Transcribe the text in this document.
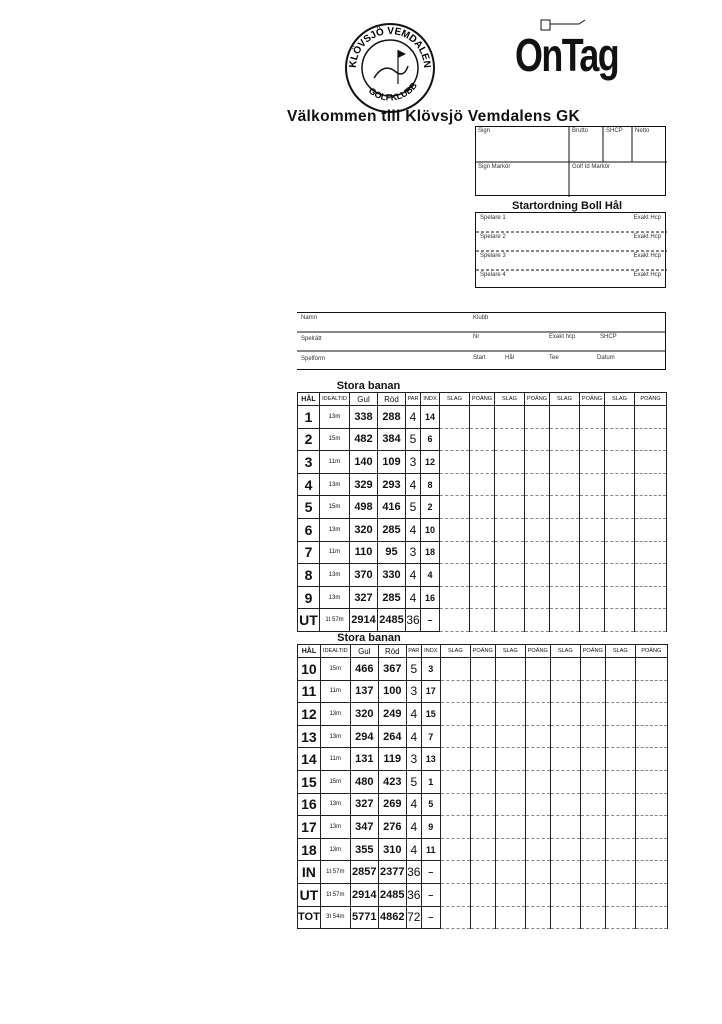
KLÖVSJÖ VEMDALEN
GOLFKLUBB
OnTag
Välkommen till Klövsjö Vemdalens GK
Sign	Brutto	SHCP Netto
Sign Markör	Golf Id Markör
Startordning Boll Hål
Spelare 1	Exakt Hcp
Spelare 2	Exakt Hcp
Spelare 3	Exakt Hcp
Spelare 4	Exakt Hcp
Namn	Klubb
Spelrätt	Nr	Exakt hcp	SHCP
Spelform	Start	Hål	Tee	Datum
Stora banan													
HÅL	IDEALTID	Gul	Röd	PAR	INDX	SLAG	POÄNG	SLAG	POÄNG	SLAG	POÄNG	SLAG	POÄNG
1	13m	338	288	4	14								
2	15m	482	384	5	6								
3	11m	140	109	3	12								
4	13m	329	293	4	8								
5	15m	498	416	5	2								
6	13m	320	285	4	10								
7	11m	110	95	3	18								
8	13m	370	330	4	4								
9	13m	327	285	4	16								
UT	1t 57m	2914	2485	36	–								
Stora banan													
HÅL	IDEALTID	Gul	Röd	PAR	INDX	SLAG	POÄNG	SLAG	POÄNG	SLAG	POÄNG	SLAG	POÄNG
10	15m	466	367	5	3								
11	11m	137	100	3	17								
12	13m	320	249	4	15								
13	13m	294	264	4	7								
14	11m	131	119	3	13								
15	15m	480	423	5	1								
16	13m	327	269	4	5								
17	13m	347	276	4	9								
18	13m	355	310	4	11								
IN	1t 57m	2857	2377	36	–								
UT	1t 57m	2914	2485	36	–								
TOT	3t 54m	5771	4862	72	–								
